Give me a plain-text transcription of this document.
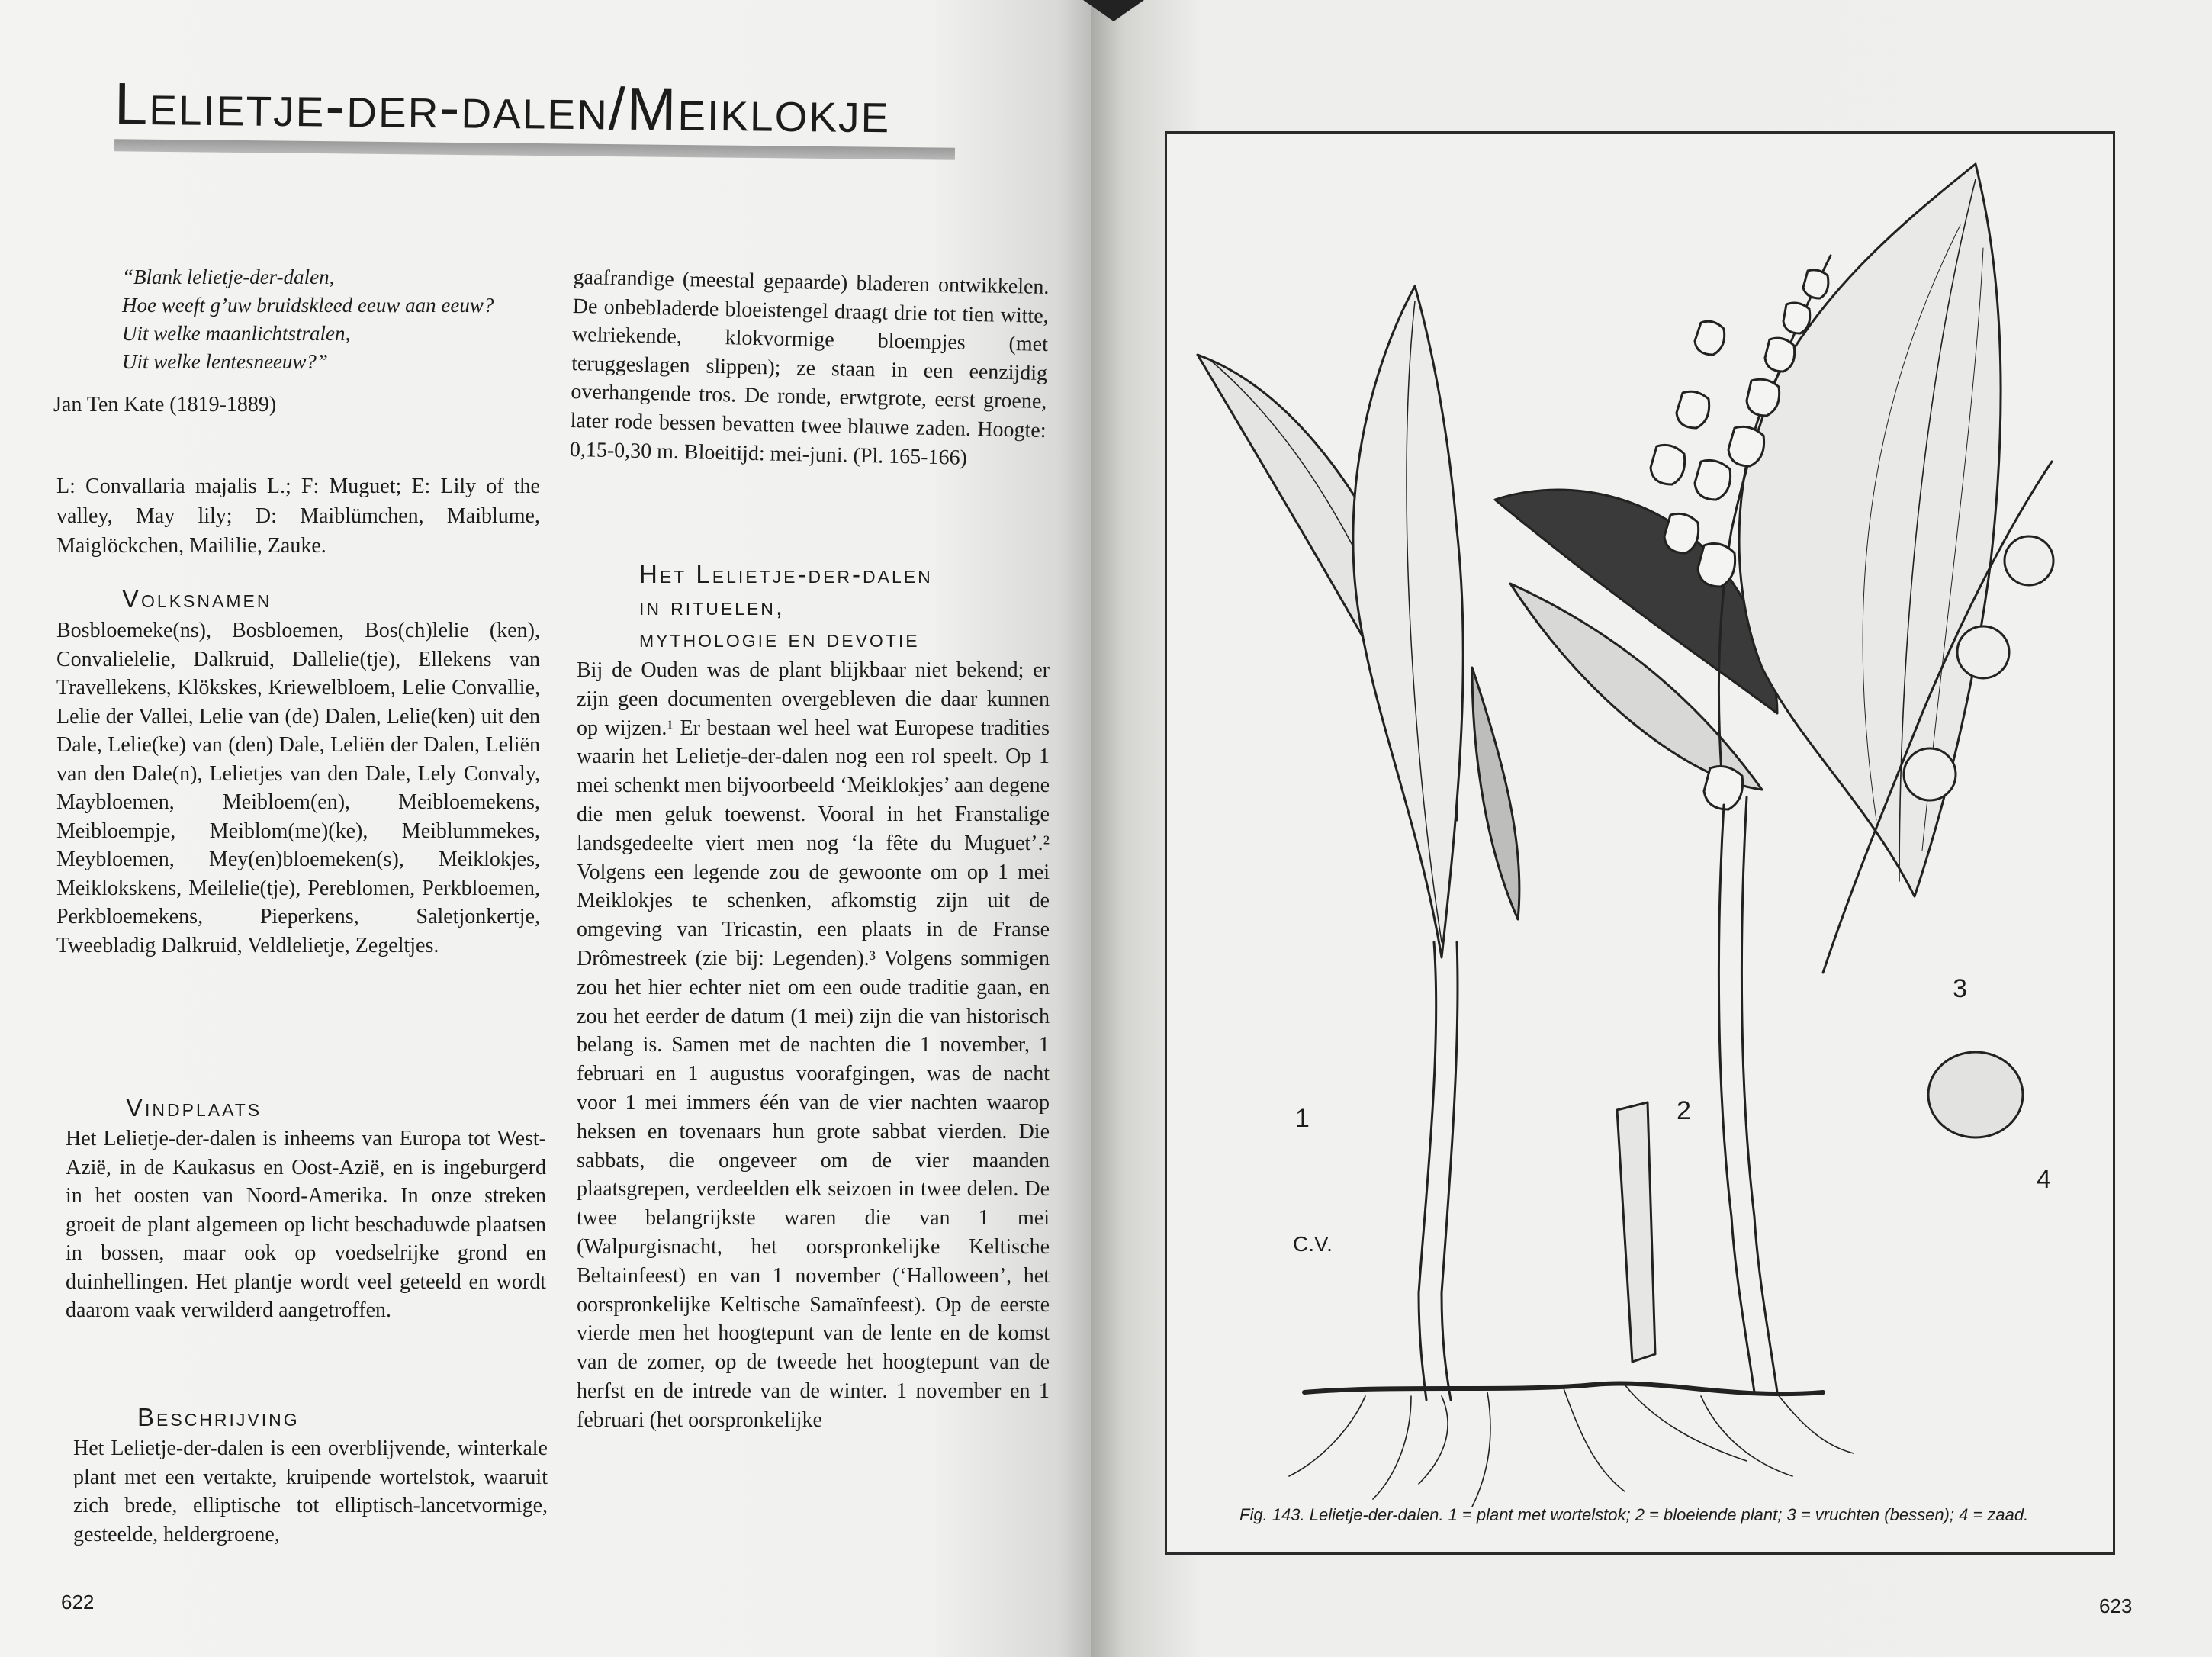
Lelietje-der-dalen/Meiklokje
“Blank lelietje-der-dalen,
Hoe weeft g’uw bruidskleed eeuw aan eeuw?
Uit welke maanlichtstralen,
Uit welke lentesneeuw?”
Jan Ten Kate (1819-1889)

L: Convallaria majalis L.; F: Muguet; E: Lily of the valley, May lily; D: Maiblümchen, Maiblume, Maiglöckchen, Maililie, Zauke.

Volksnamen

Bosbloemeke(ns), Bosbloemen, Bos(ch)lelie (ken), Convalielelie, Dalkruid, Dallelie(tje), Ellekens van Travellekens, Klökskes, Kriewelbloem, Lelie Convallie, Lelie der Vallei, Lelie van (de) Dalen, Lelie(ken) uit den Dale, Lelie(ke) van (den) Dale, Leliën der Dalen, Leliën van den Dale(n), Lelietjes van den Dale, Lely Convaly, Maybloemen, Meibloem(en), Meibloemekens, Meibloempje, Meiblom(me)(ke), Meiblummekes, Meybloemen, Mey(en)bloemeken(s), Meiklokjes, Meiklokskens, Meilelie(tje), Pereblomen, Perkbloemen, Perkbloemekens, Pieperkens, Saletjonkertje, Tweebladig Dalkruid, Veldlelietje, Zegeltjes.

Vindplaats

Het Lelietje-der-dalen is inheems van Europa tot West-Azië, in de Kaukasus en Oost-Azië, en is ingeburgerd in het oosten van Noord-Amerika. In onze streken groeit de plant algemeen op licht beschaduwde plaatsen in bossen, maar ook op voedselrijke grond en duinhellingen. Het plantje wordt veel geteeld en wordt daarom vaak verwilderd aangetroffen.

Beschrijving

Het Lelietje-der-dalen is een overblijvende, winterkale plant met een vertakte, kruipende wortelstok, waaruit zich brede, elliptische tot elliptisch-lancetvormige, gesteelde, heldergroene,

gaafrandige (meestal gepaarde) bladeren ontwikkelen. De onbebladerde bloeistengel draagt drie tot tien witte, welriekende, klokvormige bloempjes (met teruggeslagen slippen); ze staan in een eenzijdig overhangende tros. De ronde, erwtgrote, eerst groene, later rode bessen bevatten twee blauwe zaden. Hoogte: 0,15-0,30 m. Bloeitijd: mei-juni. (Pl. 165-166)

Het Lelietje-der-dalen
in rituelen,
mythologie en devotie

Bij de Ouden was de plant blijkbaar niet bekend; er zijn geen documenten overgebleven die daar kunnen op wijzen.¹ Er bestaan wel heel wat Europese tradities waarin het Lelietje-der-dalen nog een rol speelt. Op 1 mei schenkt men bijvoorbeeld ‘Meiklokjes’ aan degene die men geluk toewenst. Vooral in het Franstalige landsgedeelte viert men nog ‘la fête du Muguet’.² Volgens een legende zou de gewoonte om op 1 mei Meiklokjes te schenken, afkomstig zijn uit de omgeving van Tricastin, een plaats in de Franse Drômestreek (zie bij: Legenden).³ Volgens sommigen zou het hier echter niet om een oude traditie gaan, en zou het eerder de datum (1 mei) zijn die van historisch belang is. Samen met de nachten die 1 november, 1 februari en 1 augustus voorafgingen, was de nacht voor 1 mei immers één van de vier nachten waarop heksen en tovenaars hun grote sabbat vierden. Die sabbats, die ongeveer om de vier maanden plaatsgrepen, verdeelden elk seizoen in twee delen. De twee belangrijkste waren die van 1 mei (Walpurgisnacht, het oorspronkelijke Keltische Beltainfeest) en van 1 november (‘Halloween’, het oorspronkelijke Keltische Samaïnfeest). Op de eerste vierde men het hoogtepunt van de lente en de komst van de zomer, op de tweede het hoogtepunt van de herfst en de intrede van de winter. 1 november en 1 februari (het oorspronkelijke

622
1	2
3
4
C.V.
Fig. 143. Lelietje-der-dalen. 1 = plant met wortelstok; 2 = bloeiende plant; 3 = vruchten (bessen); 4 = zaad.
623
